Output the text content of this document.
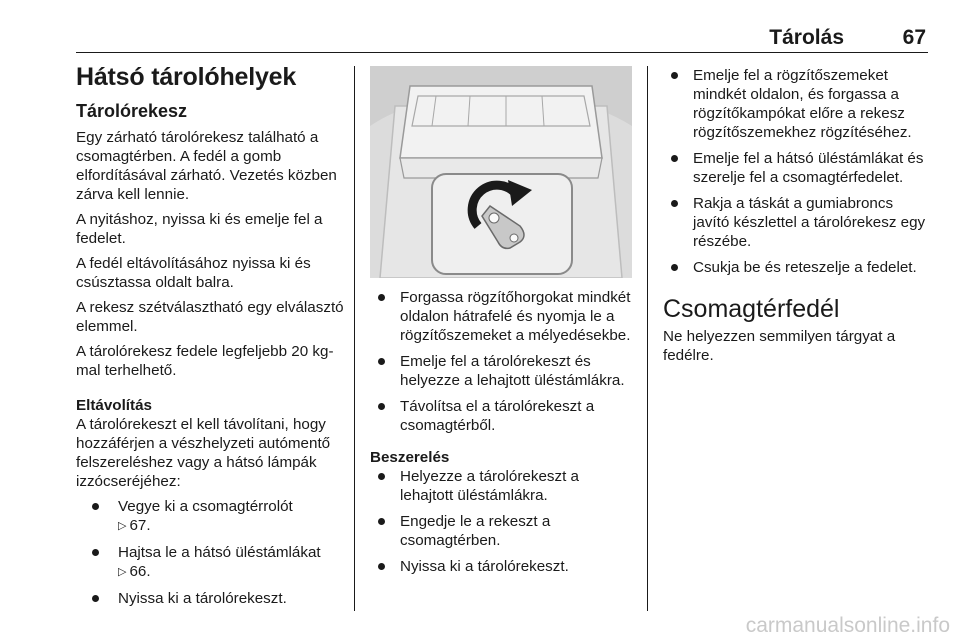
Tárolás	67
Hátsó tárolóhelyek
Tárolórekesz
Egy zárható tárolórekesz található a csomagtérben. A fedél a gomb elfordításával zárható. Vezetés közben zárva kell lennie.
A nyitáshoz, nyissa ki és emelje fel a fedelet.
A fedél eltávolításához nyissa ki és csúsztassa oldalt balra.
A rekesz szétválasztható egy elválasztó elemmel.
A tárolórekesz fedele legfeljebb 20 kg-mal terhelhető.
Eltávolítás
A tárolórekeszt el kell távolítani, hogy hozzáférjen a vészhelyzeti autómentő felszereléshez vagy a hátsó lámpák izzócseréjéhez:
Vegye ki a csomagtérrolót
▷ 67.
Hajtsa le a hátsó üléstámlákat
▷ 66.
Nyissa ki a tárolórekeszt.
Forgassa rögzítőhorgokat mindkét oldalon hátrafelé és nyomja le a rögzítőszemeket a mélyedésekbe.
Emelje fel a tárolórekeszt és helyezze a lehajtott üléstámlákra.
Távolítsa el a tárolórekeszt a csomagtérből.
Beszerelés
Helyezze a tárolórekeszt a lehajtott üléstámlákra.
Engedje le a rekeszt a csomagtérben.
Nyissa ki a tárolórekeszt.
Emelje fel a rögzítőszemeket mindkét oldalon, és forgassa a rögzítőkampókat előre a rekesz rögzítőszemekhez rögzítéséhez.
Emelje fel a hátsó üléstámlákat és szerelje fel a csomagtérfedelet.
Rakja a táskát a gumiabroncs javító készlettel a tárolórekesz egy részébe.
Csukja be és reteszelje a fedelet.
Csomagtérfedél
Ne helyezzen semmilyen tárgyat a fedélre.
carmanualsonline.info
